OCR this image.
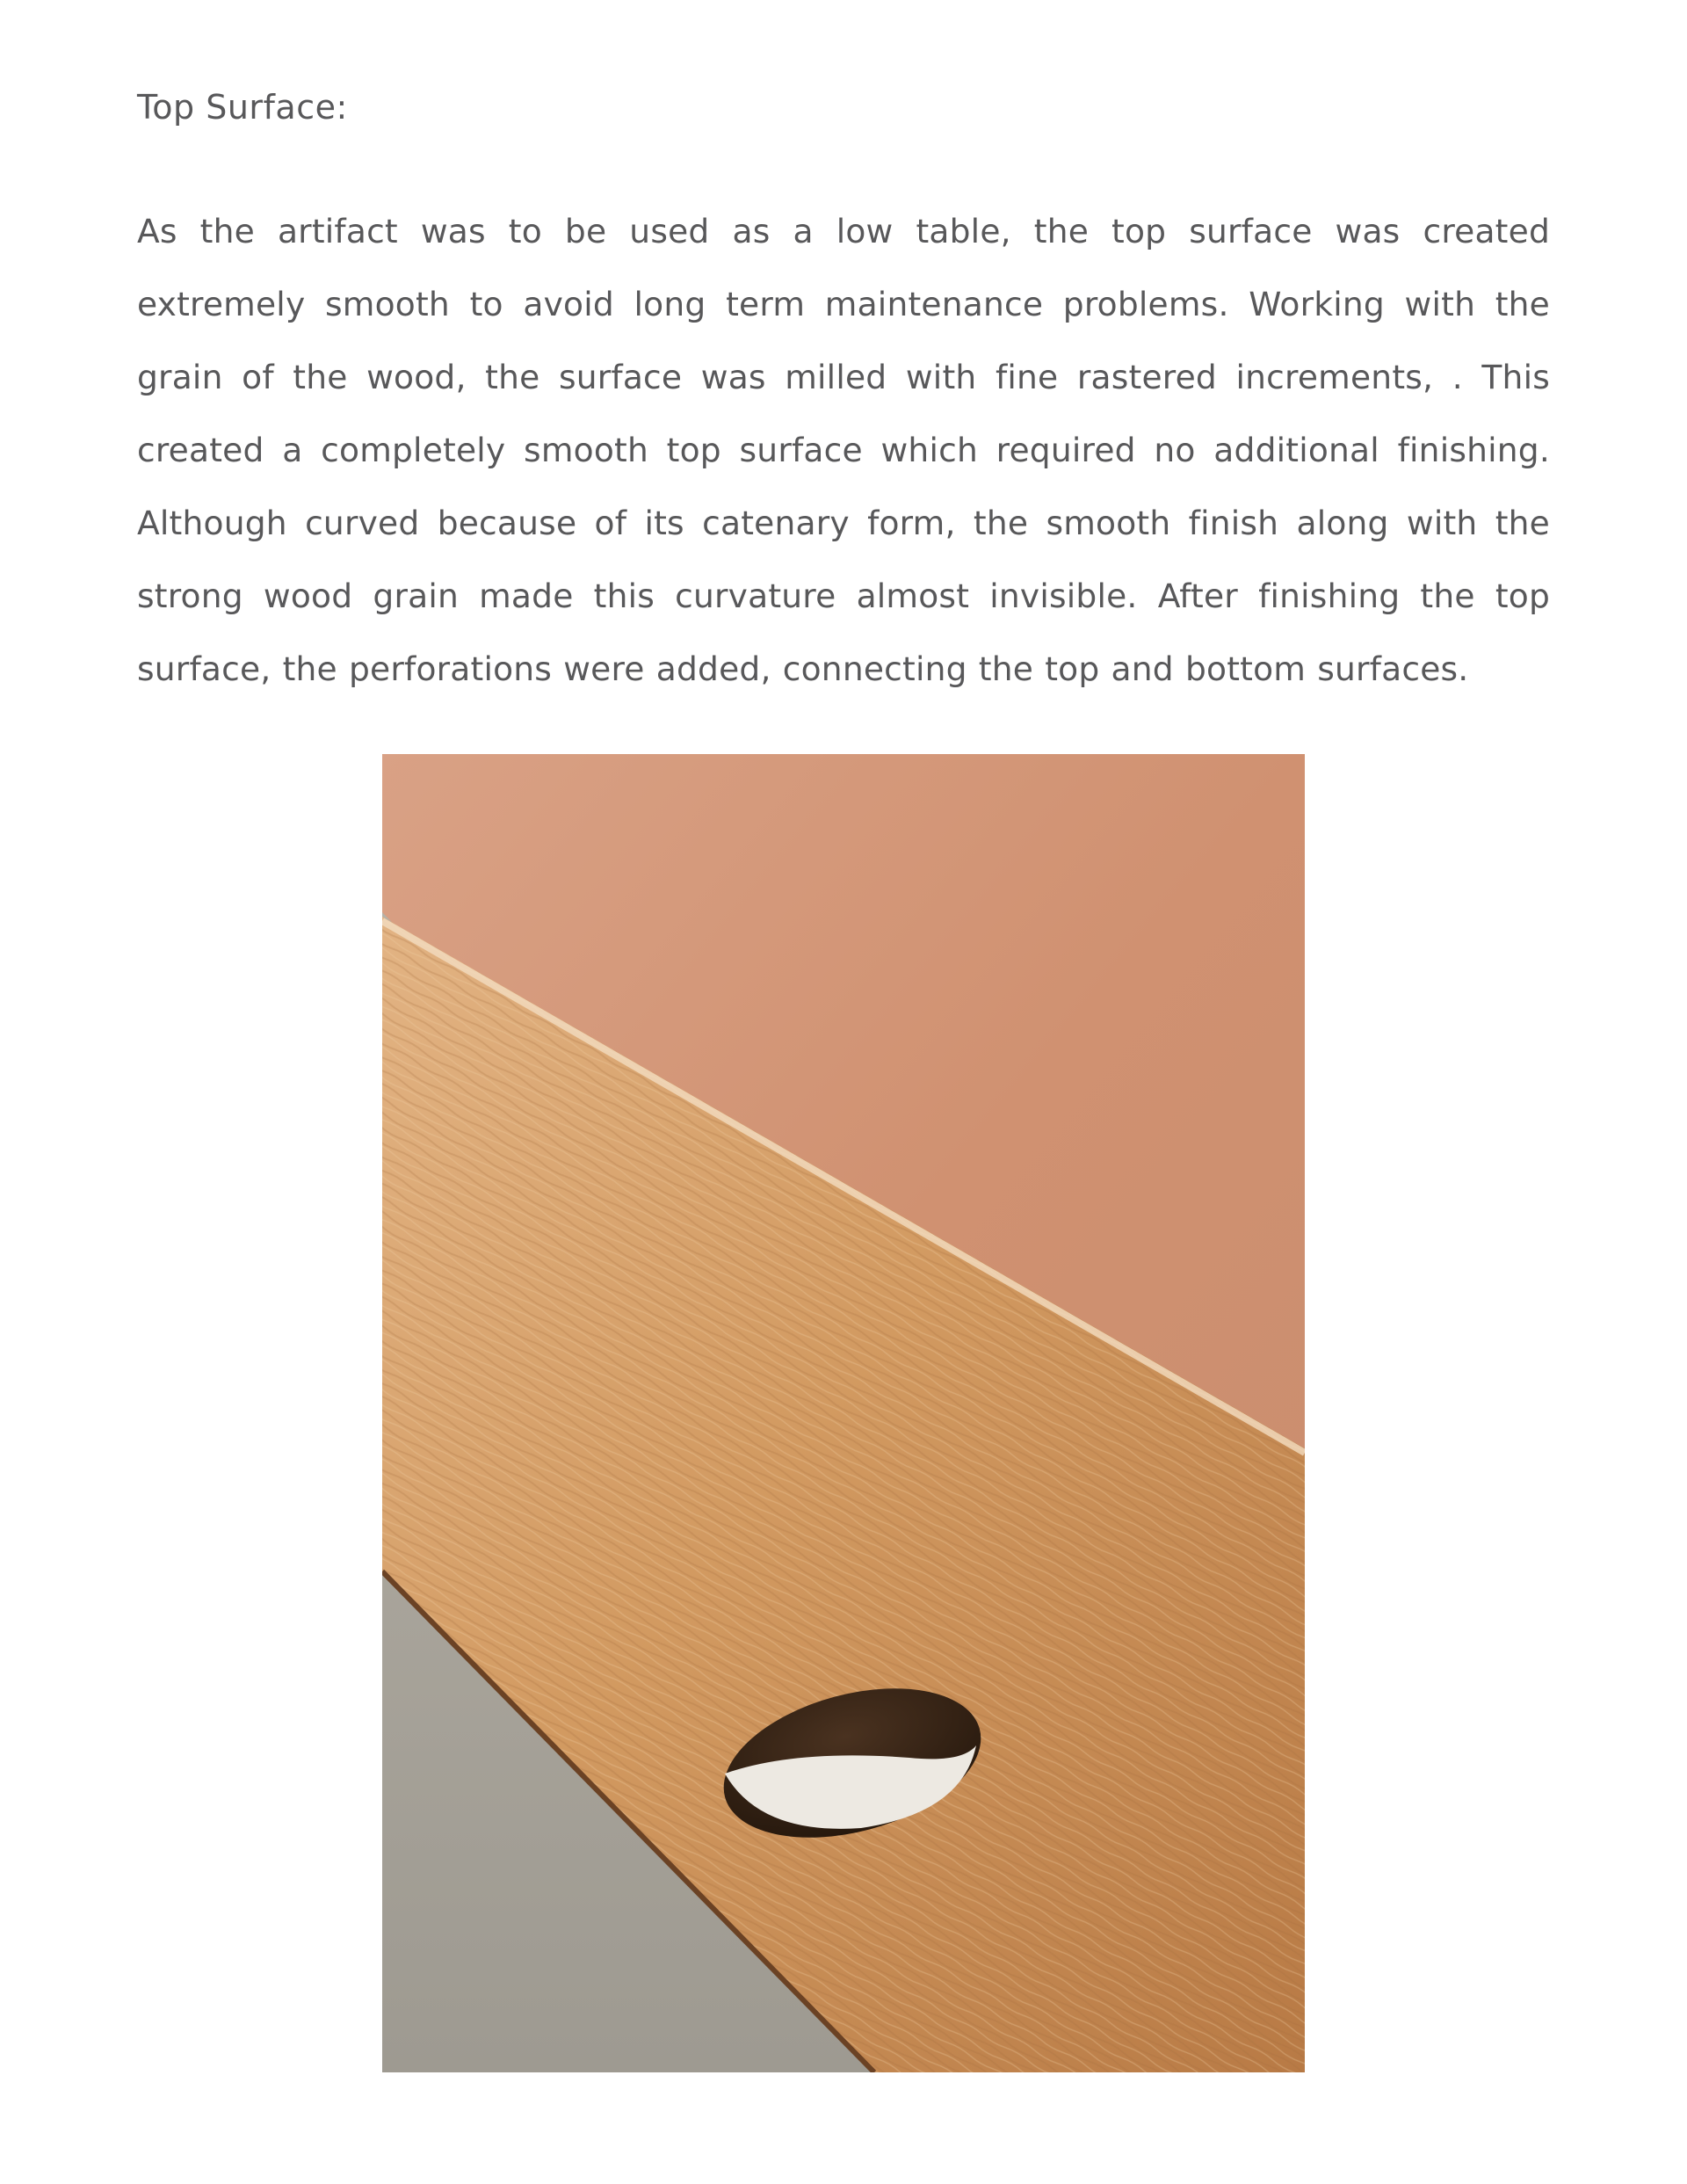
Top Surface:

As the artifact was to be used as a low table, the top surface was created extremely smooth to avoid long term maintenance problems. Working with the grain of the wood, the surface was milled with fine rastered increments, . This created a completely smooth top surface which required no additional finishing. Although curved because of its catenary form, the smooth finish along with the strong wood grain made this curvature almost invisible. After finishing the top surface, the perforations were added, connecting the top and bottom surfaces.
